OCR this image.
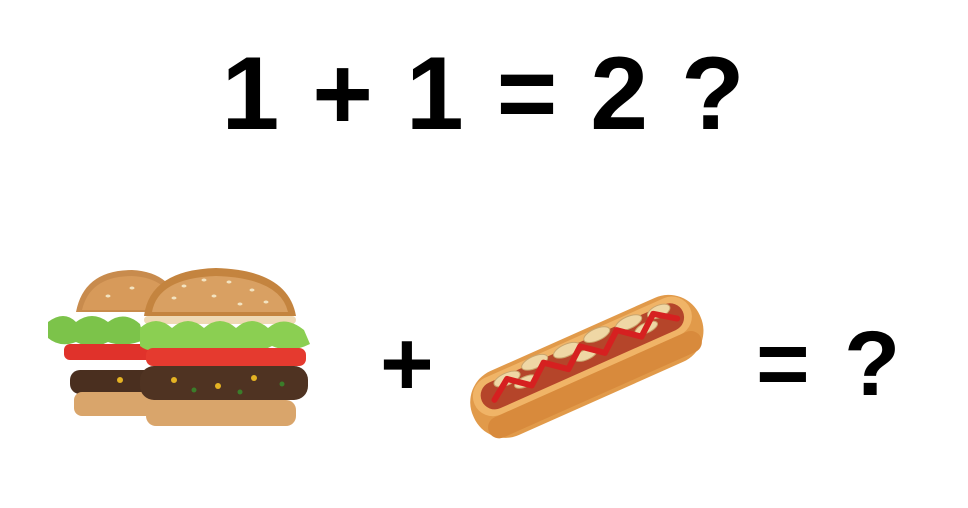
1 + 1 = 2 ?
+	= ?
